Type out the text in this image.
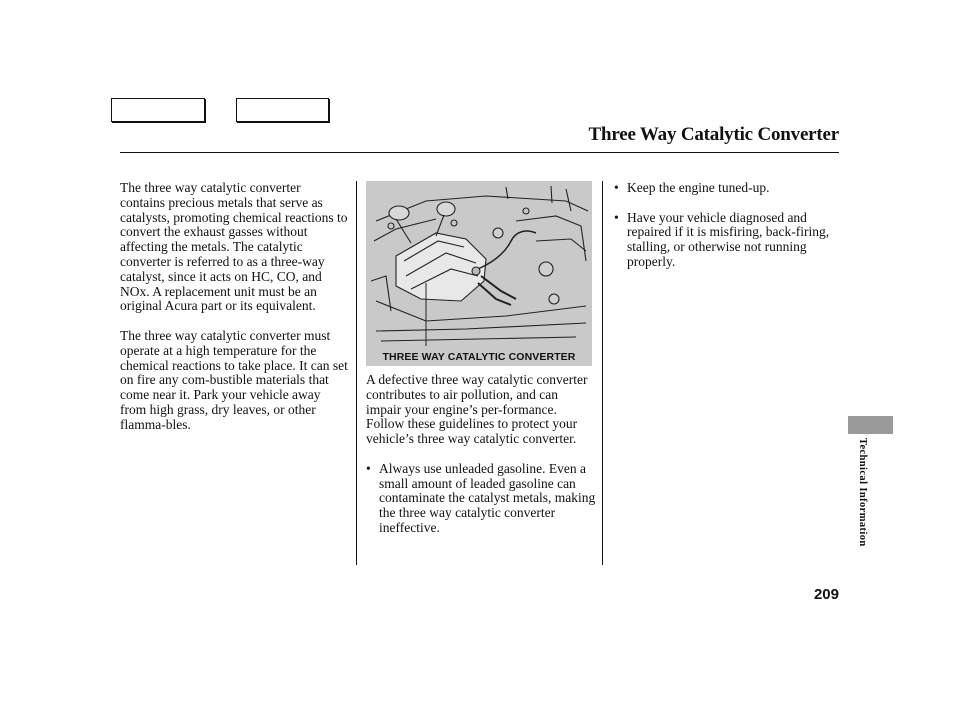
Three Way Catalytic Converter

The three way catalytic converter contains precious metals that serve as catalysts, promoting chemical reactions to convert the exhaust gasses without affecting the metals. The catalytic converter is referred to as a three-way catalyst, since it acts on HC, CO, and NOx. A replacement unit must be an original Acura part or its equivalent.

The three way catalytic converter must operate at a high temperature for the chemical reactions to take place. It can set on fire any com-bustible materials that come near it. Park your vehicle away from high grass, dry leaves, or other flamma-bles.

THREE WAY CATALYTIC CONVERTER

A defective three way catalytic converter contributes to air pollution, and can impair your engine’s per-formance. Follow these guidelines to protect your vehicle’s three way catalytic converter.

• Always use unleaded gasoline. Even a small amount of leaded gasoline can contaminate the catalyst metals, making the three way catalytic converter ineffective.
• Keep the engine tuned-up.
• Have your vehicle diagnosed and repaired if it is misfiring, back-firing, stalling, or otherwise not running properly.
Technical Information
209
